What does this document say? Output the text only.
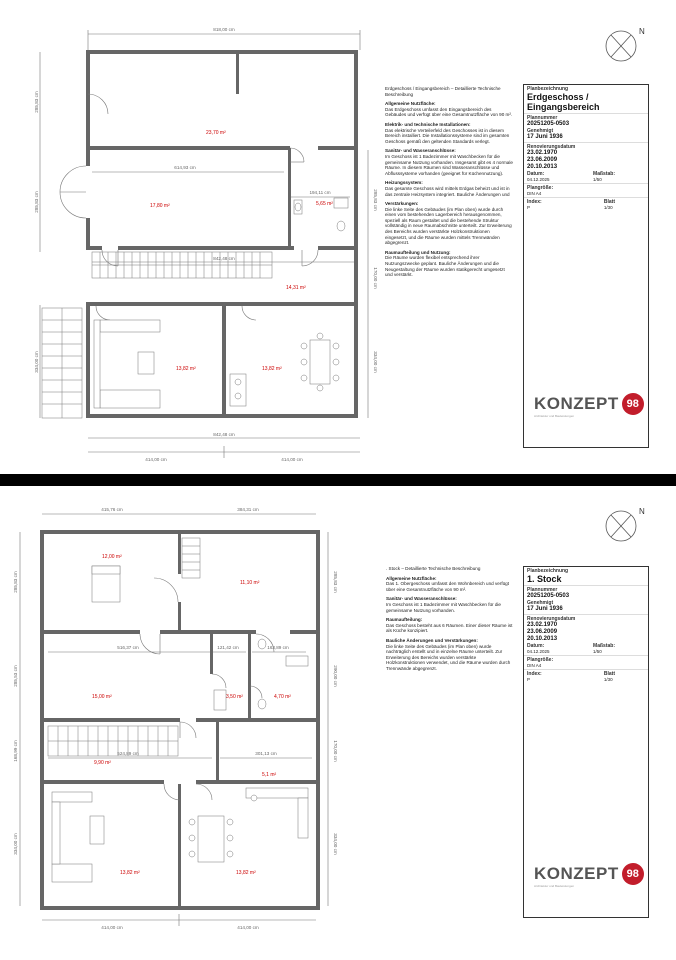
818,00 cm
614,93 cm
194,11 cm
842,48 cm
842,48 cm
414,00 cm	414,00 cm
285,83 cm
285,83 cm
334,00 cm
285,83 cm
170,00 cm
334,00 cm
23,70 m²
17,80 m²	5,65 m²
14,31 m²
13,82 m²	13,82 m²
Erdgeschoss / Eingangsbereich – Detaillierte Technische Beschreibung
Allgemeine Nutzfläche:
Das Erdgeschoss umfasst den Eingangsbereich des Gebäudes und verfügt über eine Gesamtnutzfläche von 90 m².
Elektrik- und technische Installationen:
Das elektrische Verteilerfeld des Geschosses ist in diesem Bereich installiert. Die Installationssysteme sind im gesamten Geschoss gemäß den geltenden Standards verlegt.
Sanitär- und Wasseranschlüsse:
Im Geschoss ist 1 Badezimmer mit Waschbecken für die gemeinsame Nutzung vorhanden. Insgesamt gibt es 4 normale Räume. In diesem Räumen sind Wasseranschlüsse und Abflusssysteme vorhanden (geeignet für Küchennutzung).
Heizungssystem:
Das gesamte Geschoss wird mittels Erdgas beheizt und ist in das zentrale Heizsystem integriert. Bauliche Änderungen und
Verstärkungen:
Die linke Seite des Gebäudes (im Plan oben) wurde durch einen vom bestehenden Lagerbereich herausgenommen, speziell als Raum gestaltet und die bestehende Struktur vollständig in neue Raumabschnitte unterteilt. Zur Erweiterung des Bereichs wurden verstärkte Holzkonstruktionen eingesetzt, und die Räume wurden mittels Trennwänden abgegrenzt.
Raumaufteilung und Nutzung:
Die Räume wurden flexibel entsprechend ihrer Nutzungszwecke geplant. Bauliche Änderungen und die Neugestaltung der Räume wurden statikgerecht umgesetzt und verstärkt.
N
Planbezeichnung
Erdgeschoss / Eingangsbereich
Plannummer
20251205-0503
Genehmigt
17 Juni 1936
Renovierungsdatum
23.02.1970
23.06.2009
20.10.2013
Datum:
04.12.2025
Maßstab:
1/50
Plangröße:
DIN A4
Index:
P
Blatt
1/30
KONZEPT 98
Architektur und Bauleistungen
415,76 cm	384,31 cm
516,37 cm	121,42 cm	163,89 cm
524,89 cm	301,13 cm
414,00 cm	414,00 cm
285,83 cm
285,53 cm
168,99 cm
334,00 cm
285,83 cm
290,00 cm
170,00 cm
334,00 cm
12,00 m²
11,10 m²
15,00 m²	3,50 m²	4,70 m²
9,90 m²
5,1 m²
13,82 m²	13,82 m²
. Stock – Detaillierte Technische Beschreibung
Allgemeine Nutzfläche:
Das 1. Obergeschoss umfasst den Wohnbereich und verfügt über eine Gesamtnutzfläche von 90 m².
Sanitär- und Wasseranschlüsse:
Im Geschoss ist 1 Badezimmer mit Waschbecken für die gemeinsame Nutzung vorhanden.
Raumaufteilung:
Das Geschoss besteht aus 6 Räumen. Einer dieser Räume ist als Küche konzipiert.
Bauliche Änderungen und Verstärkungen:
Die linke Seite des Gebäudes (im Plan oben) wurde nachträglich erstellt und in einzelne Räume unterteilt. Zur Erweiterung des Bereichs wurden verstärkte Holzkonstruktionen verwendet, und die Räume wurden durch Trennwände abgegrenzt.
N
Planbezeichnung
1. Stock
Plannummer
20251205-0503
Genehmigt
17 Juni 1936
Renovierungsdatum
23.02.1970
23.06.2009
20.10.2013
Datum:
04.12.2025
Maßstab:
1/50
Plangröße:
DIN A4
Index:
P
Blatt
1/30
KONZEPT 98
Architektur und Bauleistungen
